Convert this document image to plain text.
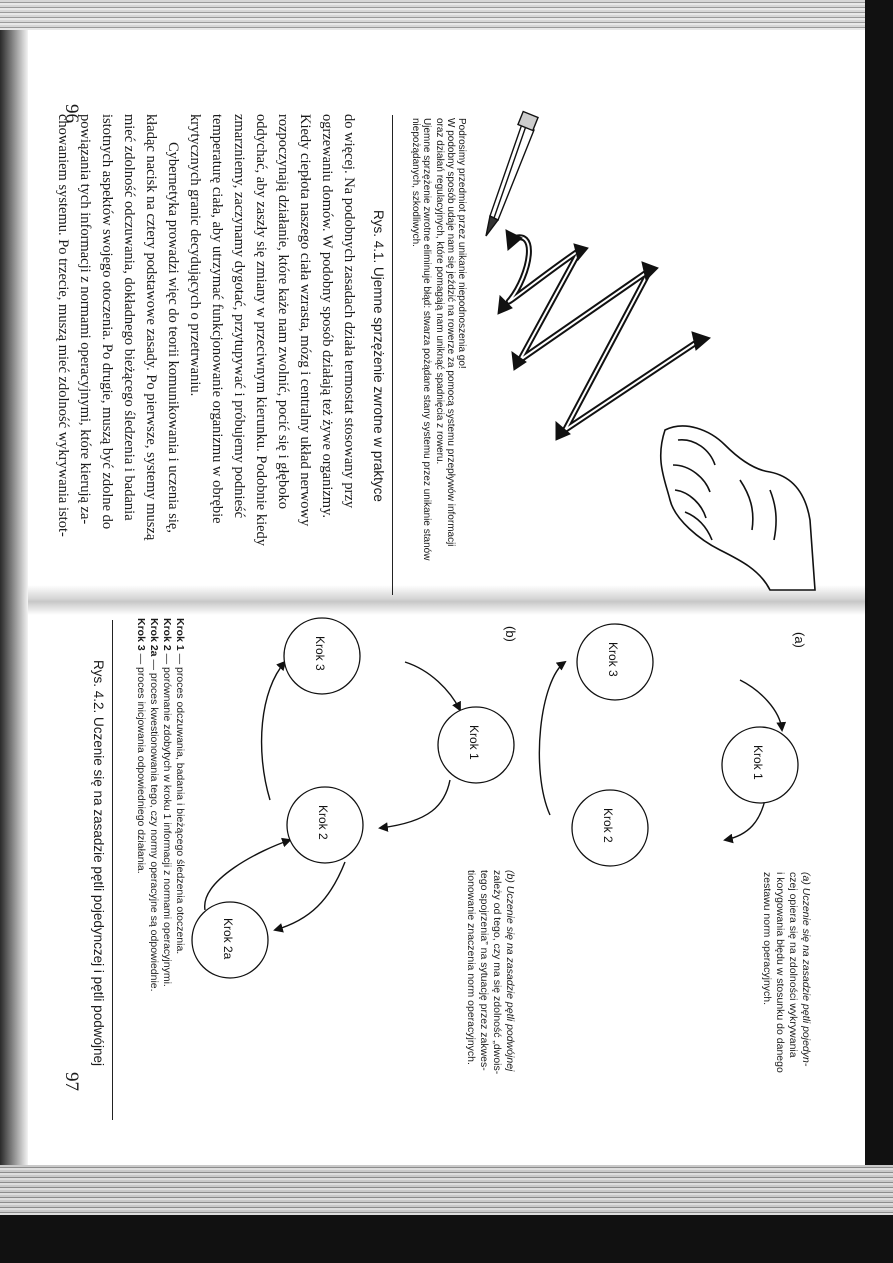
96
do więcej. Na podobnych zasadach działa termostat stosowany przy
ogrzewaniu domów. W podobny sposób działają też żywe organizmy.
Kiedy ciepłota naszego ciała wzrasta, mózg i centralny układ nerwowy
rozpoczynają działanie, które każe nam zwolnić, pocić się i głęboko
oddychać, aby zaszły się zmiany w przeciwnym kierunku. Podobnie kiedy
zmarzniemy, zaczynamy dygotać, przytupywać i próbujemy podnieść
temperaturę ciała, aby utrzymać funkcjonowanie organizmu w obrębie
krytycznych granic decydujących o przetrwaniu.
Cybernetyka prowadzi więc do teorii komunikowania i uczenia się,
kładąc nacisk na cztery podstawowe zasady. Po pierwsze, systemy muszą
mieć zdolność odczuwania, dokładnego bieżącego śledzenia i badania
istotnych aspektów swojego otoczenia. Po drugie, muszą być zdolne do
powiązania tych informacji z normami operacyjnymi, które kierują za-
chowaniem systemu. Po trzecie, muszą mieć zdolność wykrywania istot-	Rys. 4.1. Ujemne sprzężenie zwrotne w praktyce	Podrosimy przedmiot przez unikanie niepodnoszenia go!
W podobny sposób udaje nam się jeździć na rowerze za pomocą systemu przepływów informacji
oraz działań regulacyjnych, które pomagają nam uniknąć spadnięcia z roweru.
Ujemne sprzężenie zwrotne eliminuje błąd: stwarza pożądane stany systemu przez unikanie stanów
niepożądanych, szkodliwych.
97
Rys. 4.2. Uczenie się na zasadzie pętli pojedynczej i pętli podwójnej
Krok 1 — proces odczuwania, badania i bieżącego śledzenia otoczenia.
Krok 2 — porównanie zdobytych w kroku 1 informacji z normami operacyjnymi.
Krok 2a — proces kwestionowania tego, czy normy operacyjne są odpowiednie.
Krok 3 — proces inicjowania odpowiedniego działania.
(a) Uczenie się na zasadzie pętli pojedyn-
czej opiera się na zdolności wykrywania
i korygowania błędu w stosunku do danego
zestawu norm operacyjnych.
(b) Uczenie się na zasadzie pętli podwójnej
zależy od tego, czy ma się zdolność „dwois-
tego spojrzenia” na sytuację przez zakwes-
tionowanie znaczenia norm operacyjnych.
(a)
(b)
Krok 1
Krok 2
Krok 3
Krok 1
Krok 2
Krok 3
Krok 2a
